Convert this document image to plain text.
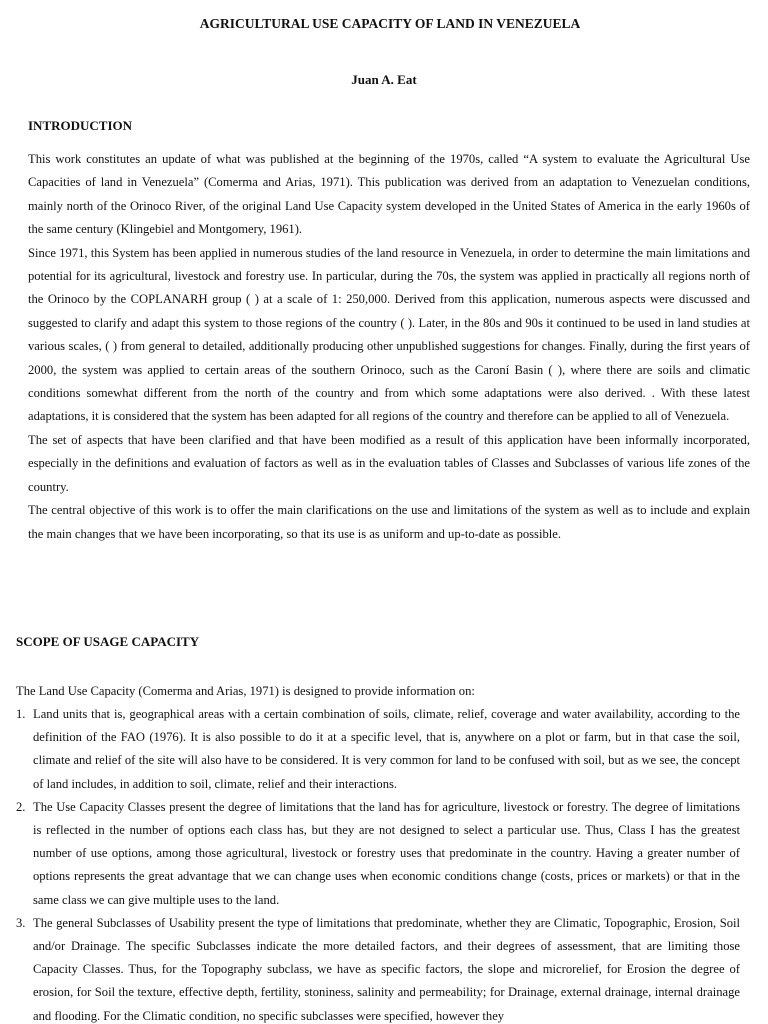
AGRICULTURAL USE CAPACITY OF LAND IN VENEZUELA
Juan A. Eat
INTRODUCTION

This work constitutes an update of what was published at the beginning of the 1970s, called “A system to evaluate the Agricultural Use Capacities of land in Venezuela” (Comerma and Arias, 1971). This publication was derived from an adaptation to Venezuelan conditions, mainly north of the Orinoco River, of the original Land Use Capacity system developed in the United States of America in the early 1960s of the same century (Klingebiel and Montgomery, 1961).

Since 1971, this System has been applied in numerous studies of the land resource in Venezuela, in order to determine the main limitations and potential for its agricultural, livestock and forestry use. In particular, during the 70s, the system was applied in practically all regions north of the Orinoco by the COPLANARH group ( ) at a scale of 1: 250,000. Derived from this application, numerous aspects were discussed and suggested to clarify and adapt this system to those regions of the country ( ). Later, in the 80s and 90s it continued to be used in land studies at various scales, ( ) from general to detailed, additionally producing other unpublished suggestions for changes. Finally, during the first years of 2000, the system was applied to certain areas of the southern Orinoco, such as the Caroní Basin ( ), where there are soils and climatic conditions somewhat different from the north of the country and from which some adaptations were also derived. . With these latest adaptations, it is considered that the system has been adapted for all regions of the country and therefore can be applied to all of Venezuela.

The set of aspects that have been clarified and that have been modified as a result of this application have been informally incorporated, especially in the definitions and evaluation of factors as well as in the evaluation tables of Classes and Subclasses of various life zones of the country.

The central objective of this work is to offer the main clarifications on the use and limitations of the system as well as to include and explain the main changes that we have been incorporating, so that its use is as uniform and up-to-date as possible.

SCOPE OF USAGE CAPACITY

The Land Use Capacity (Comerma and Arias, 1971) is designed to provide information on:

1. Land units that is, geographical areas with a certain combination of soils, climate, relief, coverage and water availability, according to the definition of the FAO (1976). It is also possible to do it at a specific level, that is, anywhere on a plot or farm, but in that case the soil, climate and relief of the site will also have to be considered. It is very common for land to be confused with soil, but as we see, the concept of land includes, in addition to soil, climate, relief and their interactions.
2. The Use Capacity Classes present the degree of limitations that the land has for agriculture, livestock or forestry. The degree of limitations is reflected in the number of options each class has, but they are not designed to select a particular use. Thus, Class I has the greatest number of use options, among those agricultural, livestock or forestry uses that predominate in the country. Having a greater number of options represents the great advantage that we can change uses when economic conditions change (costs, prices or markets) or that in the same class we can give multiple uses to the land.
3. The general Subclasses of Usability present the type of limitations that predominate, whether they are Climatic, Topographic, Erosion, Soil and/or Drainage. The specific Subclasses indicate the more detailed factors, and their degrees of assessment, that are limiting those Capacity Classes. Thus, for the Topography subclass, we have as specific factors, the slope and microrelief, for Erosion the degree of erosion, for Soil the texture, effective depth, fertility, stoniness, salinity and permeability; for Drainage, external drainage, internal drainage and flooding. For the Climatic condition, no specific subclasses were specified, however they
